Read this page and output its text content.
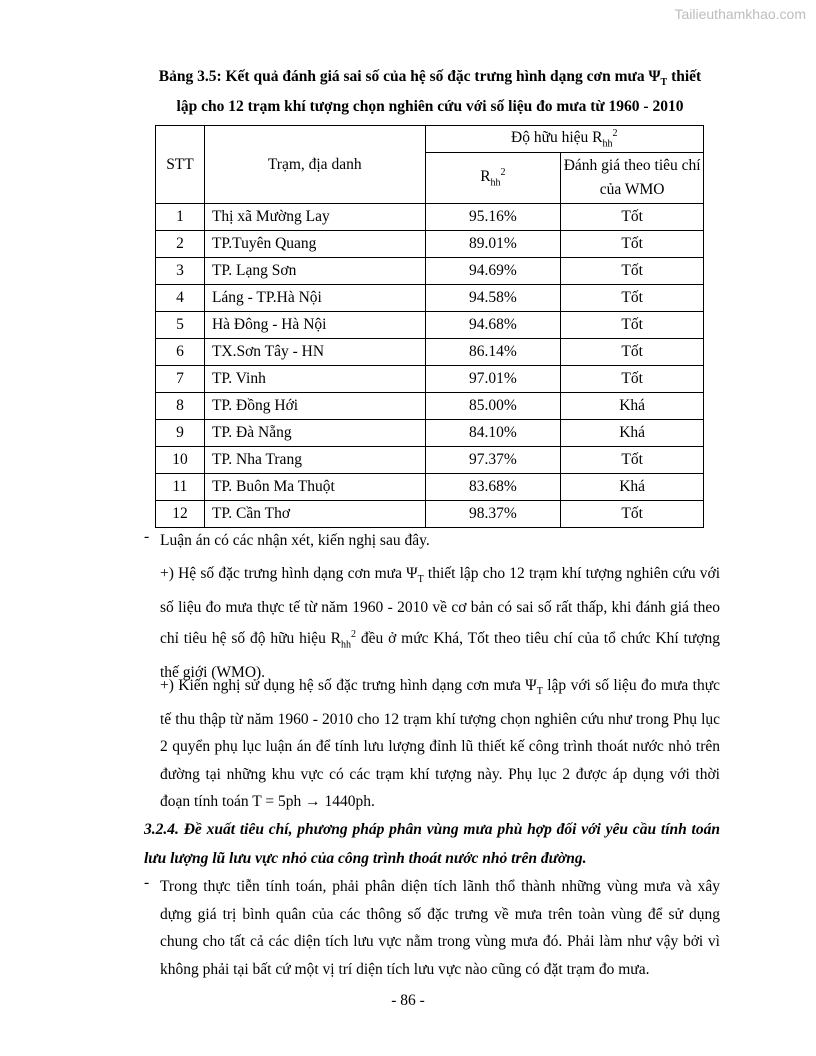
Tailieuthamkhao.com
Bảng 3.5: Kết quả đánh giá sai số của hệ số đặc trưng hình dạng cơn mưa $\Psi_T$ thiết
lập cho 12 trạm khí tượng chọn nghiên cứu với số liệu đo mưa từ 1960 - 2010
STT	Trạm, địa danh	Độ hữu hiệu $R_{hh}^2$
		$R_{hh}^2$	Đánh giá theo tiêu chí của WMO
1	Thị xã Mường Lay	95.16%	Tốt
2	TP.Tuyên Quang	89.01%	Tốt
3	TP. Lạng Sơn	94.69%	Tốt
4	Láng - TP.Hà Nội	94.58%	Tốt
5	Hà Đông - Hà Nội	94.68%	Tốt
6	TX.Sơn Tây - HN	86.14%	Tốt
7	TP. Vinh	97.01%	Tốt
8	TP. Đồng Hới	85.00%	Khá
9	TP. Đà Nẵng	84.10%	Khá
10	TP. Nha Trang	97.37%	Tốt
11	TP. Buôn Ma Thuột	83.68%	Khá
12	TP. Cần Thơ	98.37%	Tốt
- Luận án có các nhận xét, kiến nghị sau đây.
+) Hệ số đặc trưng hình dạng cơn mưa $\Psi_T$ thiết lập cho 12 trạm khí tượng nghiên cứu với số liệu đo mưa thực tế từ năm 1960 - 2010 về cơ bản có sai số rất thấp, khi đánh giá theo chỉ tiêu hệ số độ hữu hiệu $R_{hh}^2$ đều ở mức Khá, Tốt theo tiêu chí của tổ chức Khí tượng thế giới (WMO).
+) Kiến nghị sử dụng hệ số đặc trưng hình dạng cơn mưa $\Psi_T$ lập với số liệu đo mưa thực tế thu thập từ năm 1960 - 2010 cho 12 trạm khí tượng chọn nghiên cứu như trong Phụ lục 2 quyển phụ lục luận án để tính lưu lượng đỉnh lũ thiết kế công trình thoát nước nhỏ trên đường tại những khu vực có các trạm khí tượng này. Phụ lục 2 được áp dụng với thời đoạn tính toán T = 5ph → 1440ph.
3.2.4. Đề xuất tiêu chí, phương pháp phân vùng mưa phù hợp đối với yêu cầu tính toán lưu lượng lũ lưu vực nhỏ của công trình thoát nước nhỏ trên đường.
- Trong thực tiễn tính toán, phải phân diện tích lãnh thổ thành những vùng mưa và xây dựng giá trị bình quân của các thông số đặc trưng về mưa trên toàn vùng để sử dụng chung cho tất cả các diện tích lưu vực nằm trong vùng mưa đó. Phải làm như vậy bởi vì không phải tại bất cứ một vị trí diện tích lưu vực nào cũng có đặt trạm đo mưa.
- 86 -
